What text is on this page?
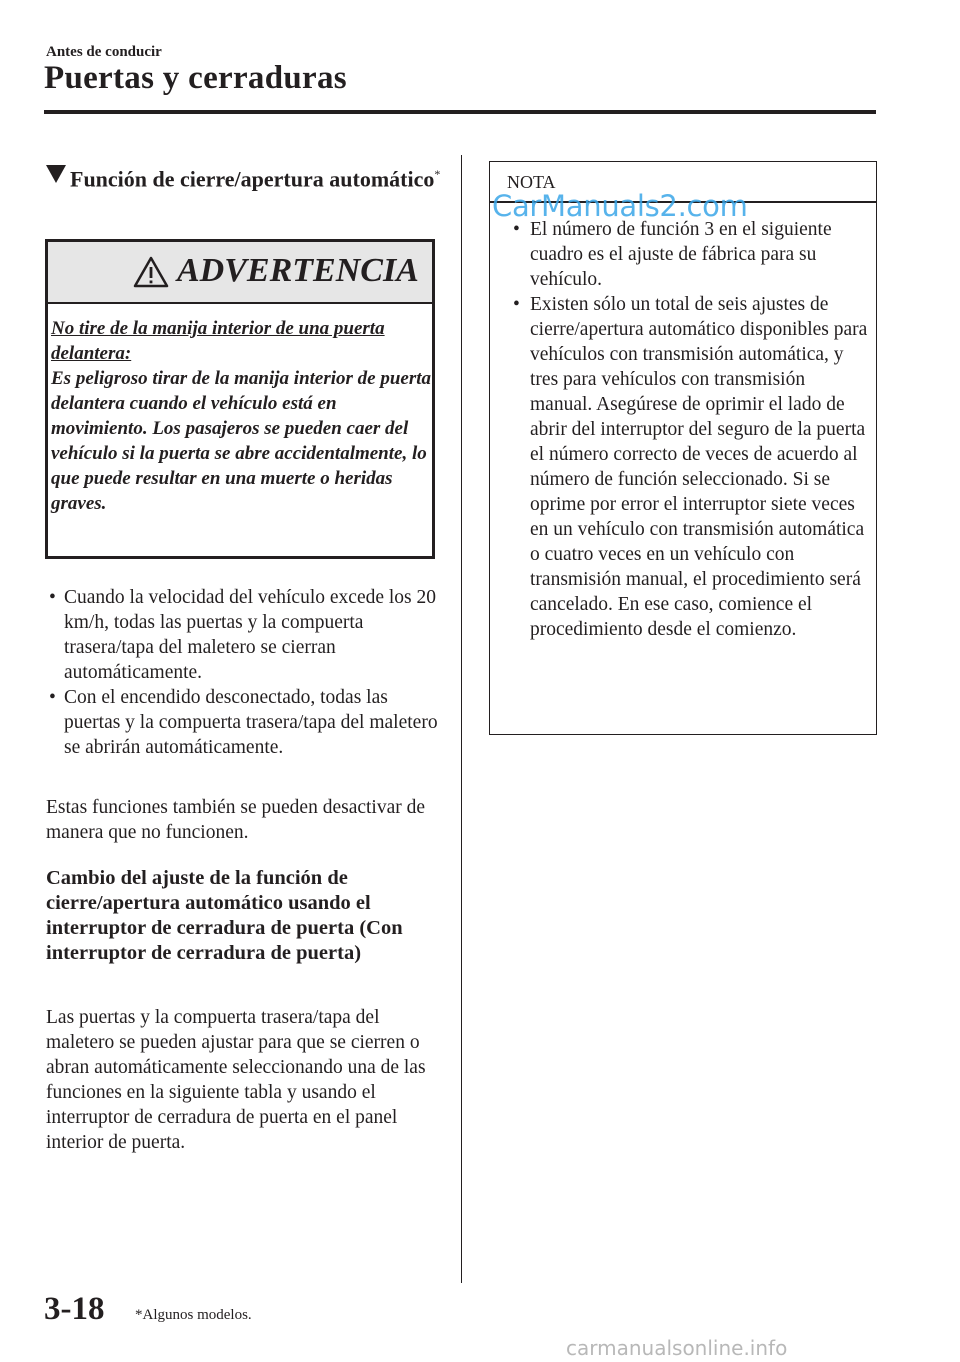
Antes de conducir
Puertas y cerraduras
Función de cierre/apertura automático*
ADVERTENCIA
No tire de la manija interior de una puerta delantera:
Es peligroso tirar de la manija interior de puerta delantera cuando el vehículo está en movimiento. Los pasajeros se pueden caer del vehículo si la puerta se abre accidentalmente, lo que puede resultar en una muerte o heridas graves.
• Cuando la velocidad del vehículo excede los 20 km/h, todas las puertas y la compuerta trasera/tapa del maletero se cierran automáticamente.
• Con el encendido desconectado, todas las puertas y la compuerta trasera/tapa del maletero se abrirán automáticamente.
Estas funciones también se pueden desactivar de manera que no funcionen.
Cambio del ajuste de la función de cierre/apertura automático usando el interruptor de cerradura de puerta (Con interruptor de cerradura de puerta)
Las puertas y la compuerta trasera/tapa del maletero se pueden ajustar para que se cierren o abran automáticamente seleccionando una de las funciones en la siguiente tabla y usando el interruptor de cerradura de puerta en el panel interior de puerta.
NOTA
• El número de función 3 en el siguiente cuadro es el ajuste de fábrica para su vehículo.
• Existen sólo un total de seis ajustes de cierre/apertura automático disponibles para vehículos con transmisión automática, y tres para vehículos con transmisión manual. Asegúrese de oprimir el lado de abrir del interruptor del seguro de la puerta el número correcto de veces de acuerdo al número de función seleccionado. Si se oprime por error el interruptor siete veces en un vehículo con transmisión automática o cuatro veces en un vehículo con transmisión manual, el procedimiento será cancelado. En ese caso, comience el procedimiento desde el comienzo.
CarManuals2.com
3-18 *Algunos modelos.
carmanualsonline.info
